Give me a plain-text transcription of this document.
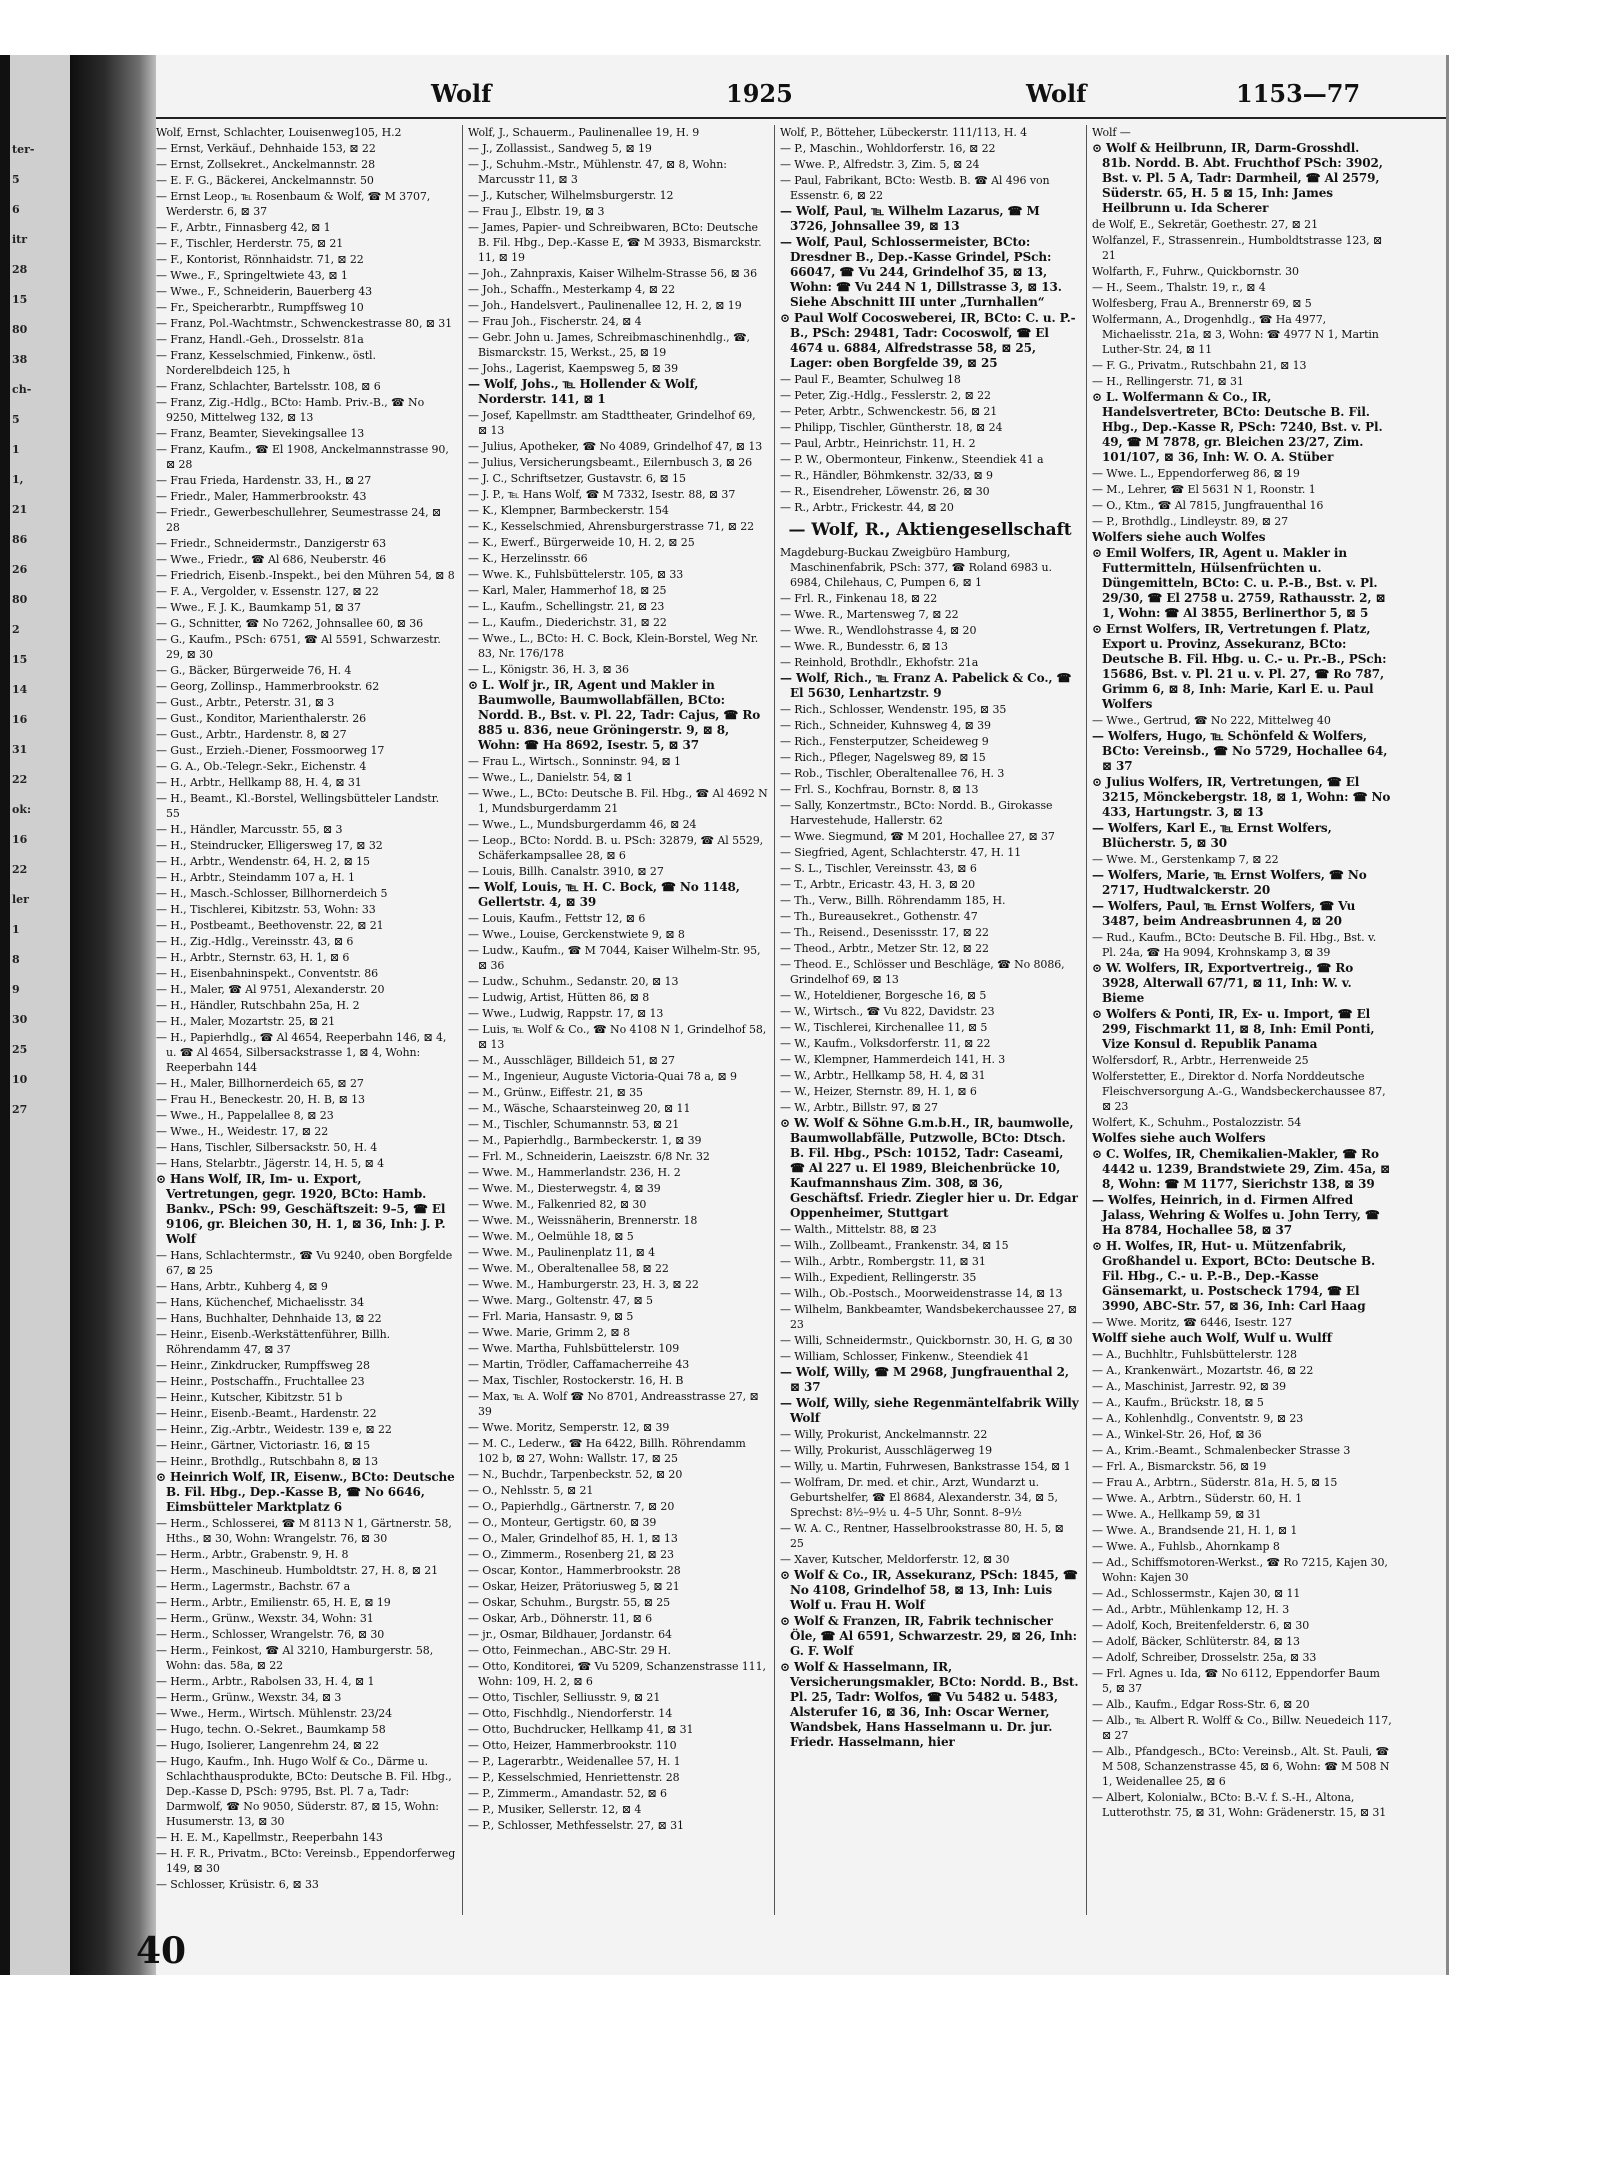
ter-
5
6
itr
28
15
80
38
ch-
5
1
1,
21
86
26
80
2
15
14
16
31
22
ok:
16
22
ler
1
8
9
30
25
10
27
Wolf	1925	Wolf	1153—77
Wolf, Ernst, Schlachter, Louisenweg105, H.2
— Ernst, Verkäuf., Dehnhaide 153, ⊠ 22
— Ernst, Zollsekret., Anckelmannstr. 28
— E. F. G., Bäckerei, Anckelmannstr. 50
— Ernst Leop., ℡ Rosenbaum & Wolf, ☎ M 3707, Werderstr. 6, ⊠ 37
— F., Arbtr., Finnasberg 42, ⊠ 1
— F., Tischler, Herderstr. 75, ⊠ 21
— F., Kontorist, Rönnhaidstr. 71, ⊠ 22
— Wwe., F., Springeltwiete 43, ⊠ 1
— Wwe., F., Schneiderin, Bauerberg 43
— Fr., Speicherarbtr., Rumpffsweg 10
— Franz, Pol.-Wachtmstr., Schwenckestrasse 80, ⊠ 31
— Franz, Handl.-Geh., Drosselstr. 81a
— Franz, Kesselschmied, Finkenw., östl. Norderelbdeich 125, h
— Franz, Schlachter, Bartelsstr. 108, ⊠ 6
— Franz, Zig.-Hdlg., BCto: Hamb. Priv.-B., ☎ No 9250, Mittelweg 132, ⊠ 13
— Franz, Beamter, Sievekingsallee 13
— Franz, Kaufm., ☎ El 1908, Anckelmannstrasse 90, ⊠ 28
— Frau Frieda, Hardenstr. 33, H., ⊠ 27
— Friedr., Maler, Hammerbrookstr. 43
— Friedr., Gewerbeschullehrer, Seumestrasse 24, ⊠ 28
— Friedr., Schneidermstr., Danzigerstr 63
— Wwe., Friedr., ☎ Al 686, Neuberstr. 46
— Friedrich, Eisenb.-Inspekt., bei den Mühren 54, ⊠ 8
— F. A., Vergolder, v. Essenstr. 127, ⊠ 22
— Wwe., F. J. K., Baumkamp 51, ⊠ 37
— G., Schnitter, ☎ No 7262, Johnsallee 60, ⊠ 36
— G., Kaufm., PSch: 6751, ☎ Al 5591, Schwarzestr. 29, ⊠ 30
— G., Bäcker, Bürgerweide 76, H. 4
— Georg, Zollinsp., Hammerbrookstr. 62
— Gust., Arbtr., Peterstr. 31, ⊠ 3
— Gust., Konditor, Marienthalerstr. 26
— Gust., Arbtr., Hardenstr. 8, ⊠ 27
— Gust., Erzieh.-Diener, Fossmoorweg 17
— G. A., Ob.-Telegr.-Sekr., Eichenstr. 4
— H., Arbtr., Hellkamp 88, H. 4, ⊠ 31
— H., Beamt., Kl.-Borstel, Wellingsbütteler Landstr. 55
— H., Händler, Marcusstr. 55, ⊠ 3
— H., Steindrucker, Elligersweg 17, ⊠ 32
— H., Arbtr., Wendenstr. 64, H. 2, ⊠ 15
— H., Arbtr., Steindamm 107 a, H. 1
— H., Masch.-Schlosser, Billhornerdeich 5
— H., Tischlerei, Kibitzstr. 53, Wohn: 33
— H., Postbeamt., Beethovenstr. 22, ⊠ 21
— H., Zig.-Hdlg., Vereinsstr. 43, ⊠ 6
— H., Arbtr., Sternstr. 63, H. 1, ⊠ 6
— H., Eisenbahninspekt., Conventstr. 86
— H., Maler, ☎ Al 9751, Alexanderstr. 20
— H., Händler, Rutschbahn 25a, H. 2
— H., Maler, Mozartstr. 25, ⊠ 21
— H., Papierhdlg., ☎ Al 4654, Reeperbahn 146, ⊠ 4, u. ☎ Al 4654, Silbersackstrasse 1, ⊠ 4, Wohn: Reeperbahn 144
— H., Maler, Billhornerdeich 65, ⊠ 27
— Frau H., Beneckestr. 20, H. B, ⊠ 13
— Wwe., H., Pappelallee 8, ⊠ 23
— Wwe., H., Weidestr. 17, ⊠ 22
— Hans, Tischler, Silbersackstr. 50, H. 4
— Hans, Stelarbtr., Jägerstr. 14, H. 5, ⊠ 4
⊙ Hans Wolf, IR, Im- u. Export, Vertretungen, gegr. 1920, BCto: Hamb. Bankv., PSch: 99, Geschäftszeit: 9–5, ☎ El 9106, gr. Bleichen 30, H. 1, ⊠ 36, Inh: J. P. Wolf
— Hans, Schlachtermstr., ☎ Vu 9240, oben Borgfelde 67, ⊠ 25
— Hans, Arbtr., Kuhberg 4, ⊠ 9
— Hans, Küchenchef, Michaelisstr. 34
— Hans, Buchhalter, Dehnhaide 13, ⊠ 22
— Heinr., Eisenb.-Werkstättenführer, Billh. Röhrendamm 47, ⊠ 37
— Heinr., Zinkdrucker, Rumpffsweg 28
— Heinr., Postschaffn., Fruchtallee 23
— Heinr., Kutscher, Kibitzstr. 51 b
— Heinr., Eisenb.-Beamt., Hardenstr. 22
— Heinr., Zig.-Arbtr., Weidestr. 139 e, ⊠ 22
— Heinr., Gärtner, Victoriastr. 16, ⊠ 15
— Heinr., Brothdlg., Rutschbahn 8, ⊠ 13
⊙ Heinrich Wolf, IR, Eisenw., BCto: Deutsche B. Fil. Hbg., Dep.-Kasse B, ☎ No 6646, Eimsbütteler Marktplatz 6
— Herm., Schlosserei, ☎ M 8113 N 1, Gärtnerstr. 58, Hths., ⊠ 30, Wohn: Wrangelstr. 76, ⊠ 30
— Herm., Arbtr., Grabenstr. 9, H. 8
— Herm., Maschineub. Humboldtstr. 27, H. 8, ⊠ 21
— Herm., Lagermstr., Bachstr. 67 a
— Herm., Arbtr., Emilienstr. 65, H. E, ⊠ 19
— Herm., Grünw., Wexstr. 34, Wohn: 31
— Herm., Schlosser, Wrangelstr. 76, ⊠ 30
— Herm., Feinkost, ☎ Al 3210, Hamburgerstr. 58, Wohn: das. 58a, ⊠ 22
— Herm., Arbtr., Rabolsen 33, H. 4, ⊠ 1
— Herm., Grünw., Wexstr. 34, ⊠ 3
— Wwe., Herm., Wirtsch. Mühlenstr. 23/24
— Hugo, techn. O.-Sekret., Baumkamp 58
— Hugo, Isolierer, Langenrehm 24, ⊠ 22
— Hugo, Kaufm., Inh. Hugo Wolf & Co., Därme u. Schlachthausprodukte, BCto: Deutsche B. Fil. Hbg., Dep.-Kasse D, PSch: 9795, Bst. Pl. 7 a, Tadr: Darmwolf, ☎ No 9050, Süderstr. 87, ⊠ 15, Wohn: Husumerstr. 13, ⊠ 30
— H. E. M., Kapellmstr., Reeperbahn 143
— H. F. R., Privatm., BCto: Vereinsb., Eppendorferweg 149, ⊠ 30
— Schlosser, Krüsistr. 6, ⊠ 33
Wolf, J., Schauerm., Paulinenallee 19, H. 9
— J., Zollassist., Sandweg 5, ⊠ 19
— J., Schuhm.-Mstr., Mühlenstr. 47, ⊠ 8, Wohn: Marcusstr 11, ⊠ 3
— J., Kutscher, Wilhelmsburgerstr. 12
— Frau J., Elbstr. 19, ⊠ 3
— James, Papier- und Schreibwaren, BCto: Deutsche B. Fil. Hbg., Dep.-Kasse E, ☎ M 3933, Bismarckstr. 11, ⊠ 19
— Joh., Zahnpraxis, Kaiser Wilhelm-Strasse 56, ⊠ 36
— Joh., Schaffn., Mesterkamp 4, ⊠ 22
— Joh., Handelsvert., Paulinenallee 12, H. 2, ⊠ 19
— Frau Joh., Fischerstr. 24, ⊠ 4
— Gebr. John u. James, Schreibmaschinenhdlg., ☎, Bismarckstr. 15, Werkst., 25, ⊠ 19
— Johs., Lagerist, Kaempsweg 5, ⊠ 39
— Wolf, Johs., ℡ Hollender & Wolf, Norderstr. 141, ⊠ 1
— Josef, Kapellmstr. am Stadttheater, Grindelhof 69, ⊠ 13
— Julius, Apotheker, ☎ No 4089, Grindelhof 47, ⊠ 13
— Julius, Versicherungsbeamt., Eilernbusch 3, ⊠ 26
— J. C., Schriftsetzer, Gustavstr. 6, ⊠ 15
— J. P., ℡ Hans Wolf, ☎ M 7332, Isestr. 88, ⊠ 37
— K., Klempner, Barmbeckerstr. 154
— K., Kesselschmied, Ahrensburgerstrasse 71, ⊠ 22
— K., Ewerf., Bürgerweide 10, H. 2, ⊠ 25
— K., Herzelinsstr. 66
— Wwe. K., Fuhlsbüttelerstr. 105, ⊠ 33
— Karl, Maler, Hammerhof 18, ⊠ 25
— L., Kaufm., Schellingstr. 21, ⊠ 23
— L., Kaufm., Diederichstr. 31, ⊠ 22
— Wwe., L., BCto: H. C. Bock, Klein-Borstel, Weg Nr. 83, Nr. 176/178
— L., Königstr. 36, H. 3, ⊠ 36
⊙ L. Wolf jr., IR, Agent und Makler in Baumwolle, Baumwollabfällen, BCto: Nordd. B., Bst. v. Pl. 22, Tadr: Cajus, ☎ Ro 885 u. 836, neue Gröningerstr. 9, ⊠ 8, Wohn: ☎ Ha 8692, Isestr. 5, ⊠ 37
— Frau L., Wirtsch., Sonninstr. 94, ⊠ 1
— Wwe., L., Danielstr. 54, ⊠ 1
— Wwe., L., BCto: Deutsche B. Fil. Hbg., ☎ Al 4692 N 1, Mundsburgerdamm 21
— Wwe., L., Mundsburgerdamm 46, ⊠ 24
— Leop., BCto: Nordd. B. u. PSch: 32879, ☎ Al 5529, Schäferkampsallee 28, ⊠ 6
— Louis, Billh. Canalstr. 3910, ⊠ 27
— Wolf, Louis, ℡ H. C. Bock, ☎ No 1148, Gellertstr. 4, ⊠ 39
— Louis, Kaufm., Fettstr 12, ⊠ 6
— Wwe., Louise, Gerckenstwiete 9, ⊠ 8
— Ludw., Kaufm., ☎ M 7044, Kaiser Wilhelm-Str. 95, ⊠ 36
— Ludw., Schuhm., Sedanstr. 20, ⊠ 13
— Ludwig, Artist, Hütten 86, ⊠ 8
— Wwe., Ludwig, Rappstr. 17, ⊠ 13
— Luis, ℡ Wolf & Co., ☎ No 4108 N 1, Grindelhof 58, ⊠ 13
— M., Ausschläger, Billdeich 51, ⊠ 27
— M., Ingenieur, Auguste Victoria-Quai 78 a, ⊠ 9
— M., Grünw., Eiffestr. 21, ⊠ 35
— M., Wäsche, Schaarsteinweg 20, ⊠ 11
— M., Tischler, Schumannstr. 53, ⊠ 21
— M., Papierhdlg., Barmbeckerstr. 1, ⊠ 39
— Frl. M., Schneiderin, Laeiszstr. 6/8 Nr. 32
— Wwe. M., Hammerlandstr. 236, H. 2
— Wwe. M., Diesterwegstr. 4, ⊠ 39
— Wwe. M., Falkenried 82, ⊠ 30
— Wwe. M., Weissnäherin, Brennerstr. 18
— Wwe. M., Oelmühle 18, ⊠ 5
— Wwe. M., Paulinenplatz 11, ⊠ 4
— Wwe. M., Oberaltenallee 58, ⊠ 22
— Wwe. M., Hamburgerstr. 23, H. 3, ⊠ 22
— Wwe. Marg., Goltenstr. 47, ⊠ 5
— Frl. Maria, Hansastr. 9, ⊠ 5
— Wwe. Marie, Grimm 2, ⊠ 8
— Wwe. Martha, Fuhlsbüttelerstr. 109
— Martin, Trödler, Caffamacherreihe 43
— Max, Tischler, Rostockerstr. 16, H. B
— Max, ℡ A. Wolf ☎ No 8701, Andreasstrasse 27, ⊠ 39
— Wwe. Moritz, Semperstr. 12, ⊠ 39
— M. C., Lederw., ☎ Ha 6422, Billh. Röhrendamm 102 b, ⊠ 27, Wohn: Wallstr. 17, ⊠ 25
— N., Buchdr., Tarpenbeckstr. 52, ⊠ 20
— O., Nehlsstr. 5, ⊠ 21
— O., Papierhdlg., Gärtnerstr. 7, ⊠ 20
— O., Monteur, Gertigstr. 60, ⊠ 39
— O., Maler, Grindelhof 85, H. 1, ⊠ 13
— O., Zimmerm., Rosenberg 21, ⊠ 23
— Oscar, Kontor., Hammerbrookstr. 28
— Oskar, Heizer, Prätoriusweg 5, ⊠ 21
— Oskar, Schuhm., Burgstr. 55, ⊠ 25
— Oskar, Arb., Döhnerstr. 11, ⊠ 6
— jr., Osmar, Bildhauer, Jordanstr. 64
— Otto, Feinmechan., ABC-Str. 29 H.
— Otto, Konditorei, ☎ Vu 5209, Schanzenstrasse 111, Wohn: 109, H. 2, ⊠ 6
— Otto, Tischler, Selliusstr. 9, ⊠ 21
— Otto, Fischhdlg., Niendorferstr. 14
— Otto, Buchdrucker, Hellkamp 41, ⊠ 31
— Otto, Heizer, Hammerbrookstr. 110
— P., Lagerarbtr., Weidenallee 57, H. 1
— P., Kesselschmied, Henriettenstr. 28
— P., Zimmerm., Amandastr. 52, ⊠ 6
— P., Musiker, Sellerstr. 12, ⊠ 4
— P., Schlosser, Methfesselstr. 27, ⊠ 31
Wolf, P., Bötteher, Lübeckerstr. 111/113, H. 4
— P., Maschin., Wohldorferstr. 16, ⊠ 22
— Wwe. P., Alfredstr. 3, Zim. 5, ⊠ 24
— Paul, Fabrikant, BCto: Westb. B. ☎ Al 496 von Essenstr. 6, ⊠ 22
— Wolf, Paul, ℡ Wilhelm Lazarus, ☎ M 3726, Johnsallee 39, ⊠ 13
— Wolf, Paul, Schlossermeister, BCto: Dresdner B., Dep.-Kasse Grindel, PSch: 66047, ☎ Vu 244, Grindelhof 35, ⊠ 13, Wohn: ☎ Vu 244 N 1, Dillstrasse 3, ⊠ 13. Siehe Abschnitt III unter „Turnhallen“
⊙ Paul Wolf Cocosweberei, IR, BCto: C. u. P.-B., PSch: 29481, Tadr: Cocoswolf, ☎ El 4674 u. 6884, Alfredstrasse 58, ⊠ 25, Lager: oben Borgfelde 39, ⊠ 25
— Paul F., Beamter, Schulweg 18
— Peter, Zig.-Hdlg., Fesslerstr. 2, ⊠ 22
— Peter, Arbtr., Schwenckestr. 56, ⊠ 21
— Philipp, Tischler, Güntherstr. 18, ⊠ 24
— Paul, Arbtr., Heinrichstr. 11, H. 2
— P. W., Obermonteur, Finkenw., Steendiek 41 a
— R., Händler, Böhmkenstr. 32/33, ⊠ 9
— R., Eisendreher, Löwenstr. 26, ⊠ 30
— R., Arbtr., Frickestr. 44, ⊠ 20
— Wolf, R., Aktiengesellschaft
Magdeburg-Buckau Zweigbüro Hamburg, Maschinenfabrik, PSch: 377, ☎ Roland 6983 u. 6984, Chilehaus, C, Pumpen 6, ⊠ 1
— Frl. R., Finkenau 18, ⊠ 22
— Wwe. R., Martensweg 7, ⊠ 22
— Wwe. R., Wendlohstrasse 4, ⊠ 20
— Wwe. R., Bundesstr. 6, ⊠ 13
— Reinhold, Brothdlr., Ekhofstr. 21a
— Wolf, Rich., ℡ Franz A. Pabelick & Co., ☎ El 5630, Lenhartzstr. 9
— Rich., Schlosser, Wendenstr. 195, ⊠ 35
— Rich., Schneider, Kuhnsweg 4, ⊠ 39
— Rich., Fensterputzer, Scheideweg 9
— Rich., Pfleger, Nagelsweg 89, ⊠ 15
— Rob., Tischler, Oberaltenallee 76, H. 3
— Frl. S., Kochfrau, Bornstr. 8, ⊠ 13
— Sally, Konzertmstr., BCto: Nordd. B., Girokasse Harvestehude, Hallerstr. 62
— Wwe. Siegmund, ☎ M 201, Hochallee 27, ⊠ 37
— Siegfried, Agent, Schlachterstr. 47, H. 11
— S. L., Tischler, Vereinsstr. 43, ⊠ 6
— T., Arbtr., Ericastr. 43, H. 3, ⊠ 20
— Th., Verw., Billh. Röhrendamm 185, H.
— Th., Bureausekret., Gothenstr. 47
— Th., Reisend., Desenissstr. 17, ⊠ 22
— Theod., Arbtr., Metzer Str. 12, ⊠ 22
— Theod. E., Schlösser und Beschläge, ☎ No 8086, Grindelhof 69, ⊠ 13
— W., Hoteldiener, Borgesche 16, ⊠ 5
— W., Wirtsch., ☎ Vu 822, Davidstr. 23
— W., Tischlerei, Kirchenallee 11, ⊠ 5
— W., Kaufm., Volksdorferstr. 11, ⊠ 22
— W., Klempner, Hammerdeich 141, H. 3
— W., Arbtr., Hellkamp 58, H. 4, ⊠ 31
— W., Heizer, Sternstr. 89, H. 1, ⊠ 6
— W., Arbtr., Billstr. 97, ⊠ 27
⊙ W. Wolf & Söhne G.m.b.H., IR, baumwolle, Baumwollabfälle, Putzwolle, BCto: Dtsch. B. Fil. Hbg., PSch: 10152, Tadr: Caseami, ☎ Al 227 u. El 1989, Bleichenbrücke 10, Kaufmannshaus Zim. 308, ⊠ 36, Geschäftsf. Friedr. Ziegler hier u. Dr. Edgar Oppenheimer, Stuttgart
— Walth., Mittelstr. 88, ⊠ 23
— Wilh., Zollbeamt., Frankenstr. 34, ⊠ 15
— Wilh., Arbtr., Rombergstr. 11, ⊠ 31
— Wilh., Expedient, Rellingerstr. 35
— Wilh., Ob.-Postsch., Moorweidenstrasse 14, ⊠ 13
— Wilhelm, Bankbeamter, Wandsbekerchaussee 27, ⊠ 23
— Willi, Schneidermstr., Quickbornstr. 30, H. G, ⊠ 30
— William, Schlosser, Finkenw., Steendiek 41
— Wolf, Willy, ☎ M 2968, Jungfrauenthal 2, ⊠ 37
— Wolf, Willy, siehe Regenmäntelfabrik Willy Wolf
— Willy, Prokurist, Anckelmannstr. 22
— Willy, Prokurist, Ausschlägerweg 19
— Willy, u. Martin, Fuhrwesen, Bankstrasse 154, ⊠ 1
— Wolfram, Dr. med. et chir., Arzt, Wundarzt u. Geburtshelfer, ☎ El 8684, Alexanderstr. 34, ⊠ 5, Sprechst: 8½–9½ u. 4–5 Uhr, Sonnt. 8–9½
— W. A. C., Rentner, Hasselbrookstrasse 80, H. 5, ⊠ 25
— Xaver, Kutscher, Meldorferstr. 12, ⊠ 30
⊙ Wolf & Co., IR, Assekuranz, PSch: 1845, ☎ No 4108, Grindelhof 58, ⊠ 13, Inh: Luis Wolf u. Frau H. Wolf
⊙ Wolf & Franzen, IR, Fabrik technischer Öle, ☎ Al 6591, Schwarzestr. 29, ⊠ 26, Inh: G. F. Wolf
⊙ Wolf & Hasselmann, IR, Versicherungsmakler, BCto: Nordd. B., Bst. Pl. 25, Tadr: Wolfos, ☎ Vu 5482 u. 5483, Alsterufer 16, ⊠ 36, Inh: Oscar Werner, Wandsbek, Hans Hasselmann u. Dr. jur. Friedr. Hasselmann, hier
Wolf —
⊙ Wolf & Heilbrunn, IR, Darm-Grosshdl. 81b. Nordd. B. Abt. Fruchthof PSch: 3902, Bst. v. Pl. 5 A, Tadr: Darmheil, ☎ Al 2579, Süderstr. 65, H. 5 ⊠ 15, Inh: James Heilbrunn u. Ida Scherer
de Wolf, E., Sekretär, Goethestr. 27, ⊠ 21
Wolfanzel, F., Strassenrein., Humboldtstrasse 123, ⊠ 21
Wolfarth, F., Fuhrw., Quickbornstr. 30
— H., Seem., Thalstr. 19, r., ⊠ 4
Wolfesberg, Frau A., Brennerstr 69, ⊠ 5
Wolfermann, A., Drogenhdlg., ☎ Ha 4977, Michaelisstr. 21a, ⊠ 3, Wohn: ☎ 4977 N 1, Martin Luther-Str. 24, ⊠ 11
— F. G., Privatm., Rutschbahn 21, ⊠ 13
— H., Rellingerstr. 71, ⊠ 31
⊙ L. Wolfermann & Co., IR, Handelsvertreter, BCto: Deutsche B. Fil. Hbg., Dep.-Kasse R, PSch: 7240, Bst. v. Pl. 49, ☎ M 7878, gr. Bleichen 23/27, Zim. 101/107, ⊠ 36, Inh: W. O. A. Stüber
— Wwe. L., Eppendorferweg 86, ⊠ 19
— M., Lehrer, ☎ El 5631 N 1, Roonstr. 1
— O., Ktm., ☎ Al 7815, Jungfrauenthal 16
— P., Brothdlg., Lindleystr. 89, ⊠ 27
Wolfers siehe auch Wolfes
⊙ Emil Wolfers, IR, Agent u. Makler in Futtermitteln, Hülsenfrüchten u. Düngemitteln, BCto: C. u. P.-B., Bst. v. Pl. 29/30, ☎ El 2758 u. 2759, Rathausstr. 2, ⊠ 1, Wohn: ☎ Al 3855, Berlinerthor 5, ⊠ 5
⊙ Ernst Wolfers, IR, Vertretungen f. Platz, Export u. Provinz, Assekuranz, BCto: Deutsche B. Fil. Hbg. u. C.- u. Pr.-B., PSch: 15686, Bst. v. Pl. 21 u. v. Pl. 27, ☎ Ro 787, Grimm 6, ⊠ 8, Inh: Marie, Karl E. u. Paul Wolfers
— Wwe., Gertrud, ☎ No 222, Mittelweg 40
— Wolfers, Hugo, ℡ Schönfeld & Wolfers, BCto: Vereinsb., ☎ No 5729, Hochallee 64, ⊠ 37
⊙ Julius Wolfers, IR, Vertretungen, ☎ El 3215, Mönckebergstr. 18, ⊠ 1, Wohn: ☎ No 433, Hartungstr. 3, ⊠ 13
— Wolfers, Karl E., ℡ Ernst Wolfers, Blücherstr. 5, ⊠ 30
— Wwe. M., Gerstenkamp 7, ⊠ 22
— Wolfers, Marie, ℡ Ernst Wolfers, ☎ No 2717, Hudtwalckerstr. 20
— Wolfers, Paul, ℡ Ernst Wolfers, ☎ Vu 3487, beim Andreasbrunnen 4, ⊠ 20
— Rud., Kaufm., BCto: Deutsche B. Fil. Hbg., Bst. v. Pl. 24a, ☎ Ha 9094, Krohnskamp 3, ⊠ 39
⊙ W. Wolfers, IR, Exportvertreig., ☎ Ro 3928, Alterwall 67/71, ⊠ 11, Inh: W. v. Bieme
⊙ Wolfers & Ponti, IR, Ex- u. Import, ☎ El 299, Fischmarkt 11, ⊠ 8, Inh: Emil Ponti, Vize Konsul d. Republik Panama
Wolfersdorf, R., Arbtr., Herrenweide 25
Wolferstetter, E., Direktor d. Norfa Norddeutsche Fleischversorgung A.-G., Wandsbeckerchaussee 87, ⊠ 23
Wolfert, K., Schuhm., Postalozzistr. 54
Wolfes siehe auch Wolfers
⊙ C. Wolfes, IR, Chemikalien-Makler, ☎ Ro 4442 u. 1239, Brandstwiete 29, Zim. 45a, ⊠ 8, Wohn: ☎ M 1177, Sierichstr 138, ⊠ 39
— Wolfes, Heinrich, in d. Firmen Alfred Jalass, Wehring & Wolfes u. John Terry, ☎ Ha 8784, Hochallee 58, ⊠ 37
⊙ H. Wolfes, IR, Hut- u. Mützenfabrik, Großhandel u. Export, BCto: Deutsche B. Fil. Hbg., C.- u. P.-B., Dep.-Kasse Gänsemarkt, u. Postscheck 1794, ☎ El 3990, ABC-Str. 57, ⊠ 36, Inh: Carl Haag
— Wwe. Moritz, ☎ 6446, Isestr. 127
Wolff siehe auch Wolf, Wulf u. Wulff
— A., Buchhltr., Fuhlsbüttelerstr. 128
— A., Krankenwärt., Mozartstr. 46, ⊠ 22
— A., Maschinist, Jarrestr. 92, ⊠ 39
— A., Kaufm., Brückstr. 18, ⊠ 5
— A., Kohlenhdlg., Conventstr. 9, ⊠ 23
— A., Winkel-Str. 26, Hof, ⊠ 36
— A., Krim.-Beamt., Schmalenbecker Strasse 3
— Frl. A., Bismarckstr. 56, ⊠ 19
— Frau A., Arbtrn., Süderstr. 81a, H. 5, ⊠ 15
— Wwe. A., Arbtrn., Süderstr. 60, H. 1
— Wwe. A., Hellkamp 59, ⊠ 31
— Wwe. A., Brandsende 21, H. 1, ⊠ 1
— Wwe. A., Fuhlsb., Ahornkamp 8
— Ad., Schiffsmotoren-Werkst., ☎ Ro 7215, Kajen 30, Wohn: Kajen 30
— Ad., Schlossermstr., Kajen 30, ⊠ 11
— Ad., Arbtr., Mühlenkamp 12, H. 3
— Adolf, Koch, Breitenfelderstr. 6, ⊠ 30
— Adolf, Bäcker, Schlüterstr. 84, ⊠ 13
— Adolf, Schreiber, Drosselstr. 25a, ⊠ 33
— Frl. Agnes u. Ida, ☎ No 6112, Eppendorfer Baum 5, ⊠ 37
— Alb., Kaufm., Edgar Ross-Str. 6, ⊠ 20
— Alb., ℡ Albert R. Wolff & Co., Billw. Neuedeich 117, ⊠ 27
— Alb., Pfandgesch., BCto: Vereinsb., Alt. St. Pauli, ☎ M 508, Schanzenstrasse 45, ⊠ 6, Wohn: ☎ M 508 N 1, Weidenallee 25, ⊠ 6
— Albert, Kolonialw., BCto: B.-V. f. S.-H., Altona, Lutterothstr. 75, ⊠ 31, Wohn: Grädenerstr. 15, ⊠ 31
40
